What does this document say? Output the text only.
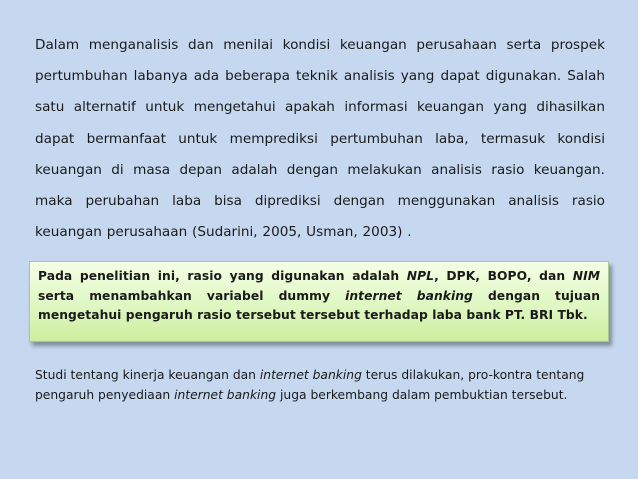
Dalam menganalisis dan menilai kondisi keuangan perusahaan serta prospek pertumbuhan labanya ada beberapa teknik analisis yang dapat digunakan. Salah satu alternatif untuk mengetahui apakah informasi keuangan yang dihasilkan dapat bermanfaat untuk memprediksi pertumbuhan laba, termasuk kondisi keuangan di masa depan adalah dengan melakukan analisis rasio keuangan. maka perubahan laba bisa diprediksi dengan menggunakan analisis rasio keuangan perusahaan (Sudarini, 2005, Usman, 2003) .
Pada penelitian ini, rasio yang digunakan adalah NPL, DPK, BOPO, dan NIM serta menambahkan variabel dummy internet banking dengan tujuan mengetahui pengaruh rasio tersebut tersebut terhadap laba bank PT. BRI Tbk.
Studi tentang kinerja keuangan dan internet banking terus dilakukan, pro-kontra tentang pengaruh penyediaan internet banking juga berkembang dalam pembuktian tersebut.
